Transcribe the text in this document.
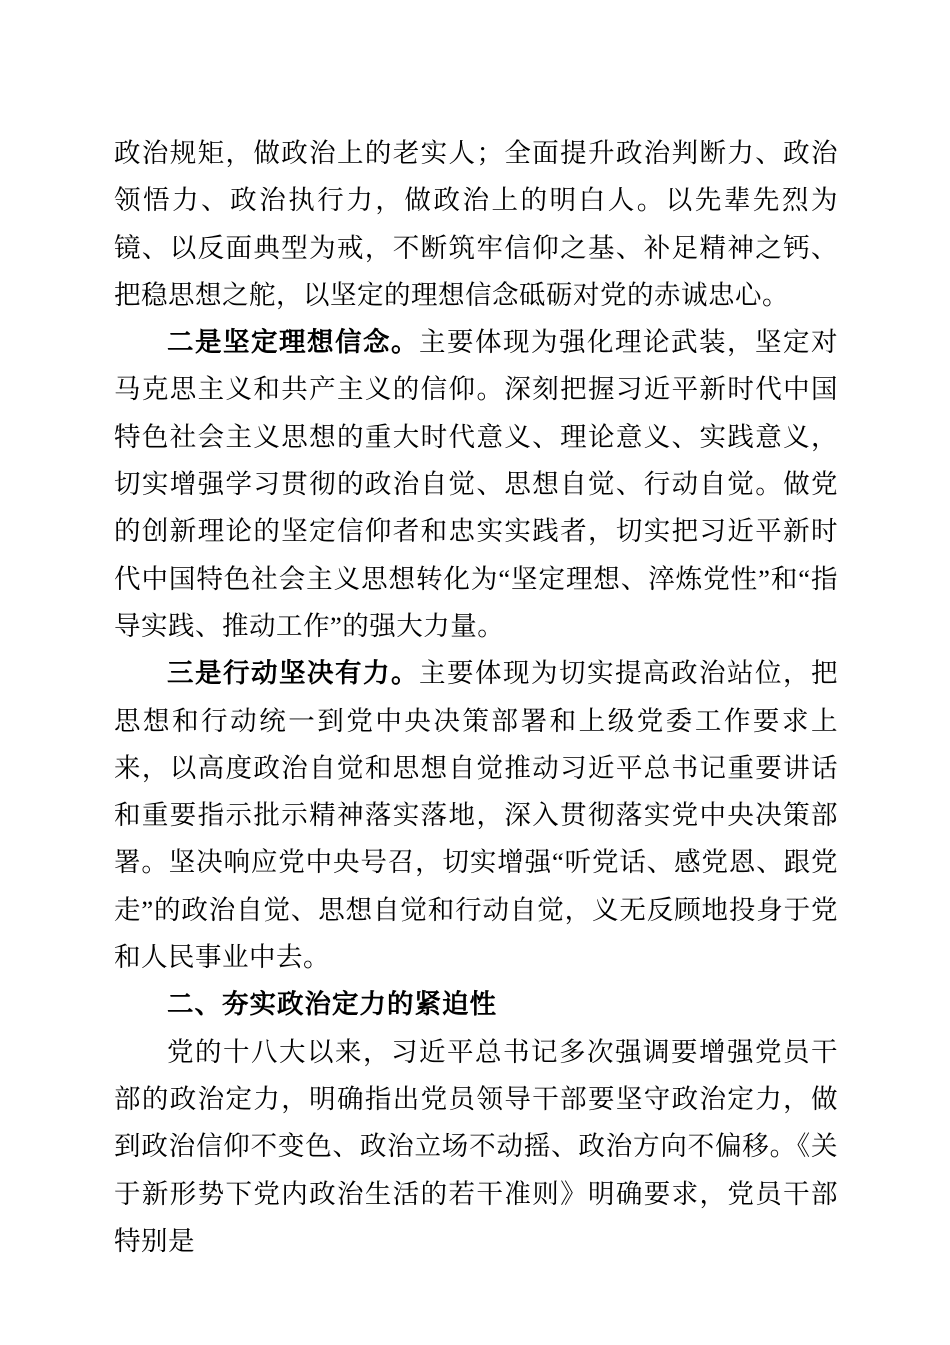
政治规矩，做政治上的老实人；全面提升政治判断力、政治领悟力、政治执行力，做政治上的明白人。以先辈先烈为镜、以反面典型为戒，不断筑牢信仰之基、补足精神之钙、把稳思想之舵，以坚定的理想信念砥砺对党的赤诚忠心。

二是坚定理想信念。主要体现为强化理论武装，坚定对马克思主义和共产主义的信仰。深刻把握习近平新时代中国特色社会主义思想的重大时代意义、理论意义、实践意义，切实增强学习贯彻的政治自觉、思想自觉、行动自觉。做党的创新理论的坚定信仰者和忠实实践者，切实把习近平新时代中国特色社会主义思想转化为“坚定理想、淬炼党性”和“指导实践、推动工作”的强大力量。

三是行动坚决有力。主要体现为切实提高政治站位，把思想和行动统一到党中央决策部署和上级党委工作要求上来，以高度政治自觉和思想自觉推动习近平总书记重要讲话和重要指示批示精神落实落地，深入贯彻落实党中央决策部署。坚决响应党中央号召，切实增强“听党话、感党恩、跟党走”的政治自觉、思想自觉和行动自觉，义无反顾地投身于党和人民事业中去。

二、夯实政治定力的紧迫性

党的十八大以来，习近平总书记多次强调要增强党员干部的政治定力，明确指出党员领导干部要坚守政治定力，做到政治信仰不变色、政治立场不动摇、政治方向不偏移。《关于新形势下党内政治生活的若干准则》明确要求，党员干部特别是
